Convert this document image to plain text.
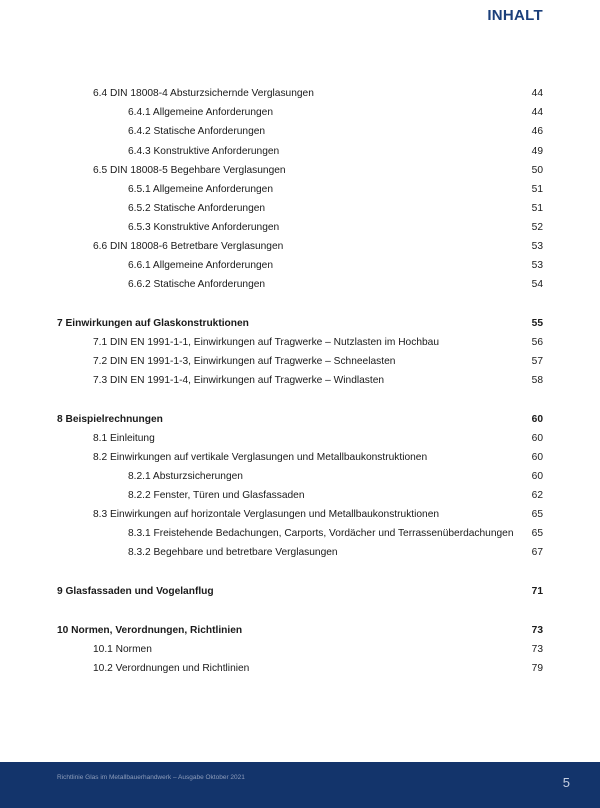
INHALT
6.4 DIN 18008-4 Absturzsichernde Verglasungen	44
6.4.1 Allgemeine Anforderungen	44
6.4.2 Statische Anforderungen	46
6.4.3 Konstruktive Anforderungen	49
6.5 DIN 18008-5 Begehbare Verglasungen	50
6.5.1 Allgemeine Anforderungen	51
6.5.2 Statische Anforderungen	51
6.5.3 Konstruktive Anforderungen	52
6.6 DIN 18008-6 Betretbare Verglasungen	53
6.6.1 Allgemeine Anforderungen	53
6.6.2 Statische Anforderungen	54
7 Einwirkungen auf Glaskonstruktionen	55
7.1 DIN EN 1991-1-1, Einwirkungen auf Tragwerke – Nutzlasten im Hochbau	56
7.2 DIN EN 1991-1-3, Einwirkungen auf Tragwerke – Schneelasten	57
7.3 DIN EN 1991-1-4, Einwirkungen auf Tragwerke – Windlasten	58
8 Beispielrechnungen	60
8.1 Einleitung	60
8.2 Einwirkungen auf vertikale Verglasungen und Metallbaukonstruktionen	60
8.2.1 Absturzsicherungen	60
8.2.2 Fenster, Türen und Glasfassaden	62
8.3 Einwirkungen auf horizontale Verglasungen und Metallbaukonstruktionen	65
8.3.1 Freistehende Bedachungen, Carports, Vordächer und Terrassenüberdachungen 65
8.3.2 Begehbare und betretbare Verglasungen	67
9 Glasfassaden und Vogelanflug	71
10 Normen, Verordnungen, Richtlinien	73
10.1 Normen	73
10.2 Verordnungen und Richtlinien	79
Richtlinie Glas im Metallbauerhandwerk – Ausgabe Oktober 2021	5
